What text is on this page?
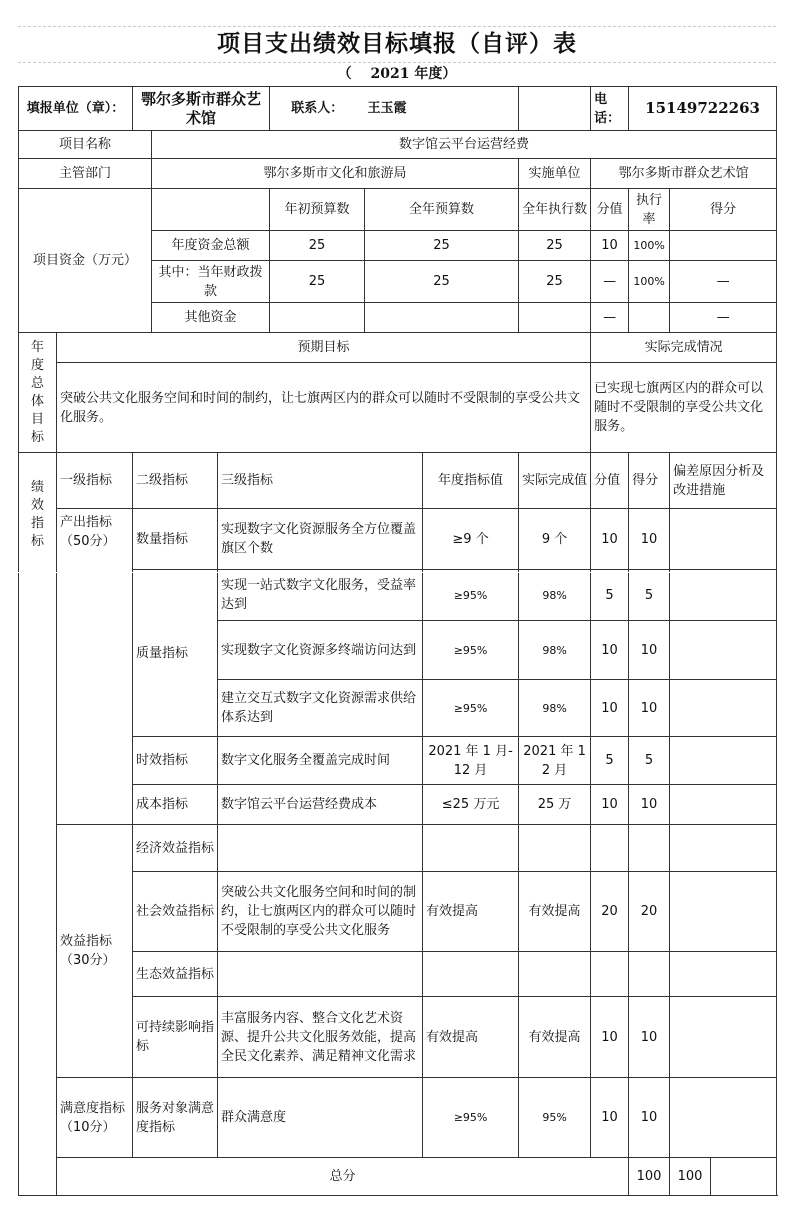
项目支出绩效目标填报（自评）表
（　 2021 年度）
填报单位（章）：		鄂尔多斯市群众艺术馆			联系人：	王玉霞			电话：	15149722263		
项目名称			数字馆云平台运营经费									
主管部门			鄂尔多斯市文化和旅游局					实施单位	鄂尔多斯市群众艺术馆			
项目资金（万元）					年初预算数	全年预算数		全年执行数	分值	执行率	得分	
			年度资金总额		25	25		25	10	100%		
			其中：当年财政拨款		25	25		25	—	100%	—	
			其他资金						—		—	
年度总体目标	预期目标								实际完成情况			
	突破公共文化服务空间和时间的制约，让七旗两区内的群众可以随时不受限制的享受公共文化服务。								已实现七旗两区内的群众可以随时不受限制的享受公共文化服务。			
绩效指标	一级指标	二级指标		三级指标			年度指标值	实际完成值	分值	得分	偏差原因分析及改进措施	
	产出指标（50分）	数量指标		实现数字文化资源服务全方位覆盖旗区个数			≥9 个	9 个	10	10		
		质量指标		实现一站式数字文化服务，受益率达到			≥95%	98%	5	5		
				实现数字文化资源多终端访问达到			≥95%	98%	10	10		
				建立交互式数字文化资源需求供给体系达到			≥95%	98%	10	10		
		时效指标		数字文化服务全覆盖完成时间			2021 年 1 月-12 月	2021 年 12 月	5	5		
		成本指标		数字馆云平台运营经费成本			≤25 万元	25 万	10	10		
	效益指标（30分）	经济效益指标										
		社会效益指标		突破公共文化服务空间和时间的制约，让七旗两区内的群众可以随时不受限制的享受公共文化服务			有效提高	有效提高	20	20		
		生态效益指标										
		可持续影响指标		丰富服务内容、整合文化艺术资源、提升公共文化服务效能，提高全民文化素养、满足精神文化需求			有效提高	有效提高	10	10		
	满意度指标（10分）	服务对象满意度指标		群众满意度			≥95%	95%	10	10		
	总分									100	100	
